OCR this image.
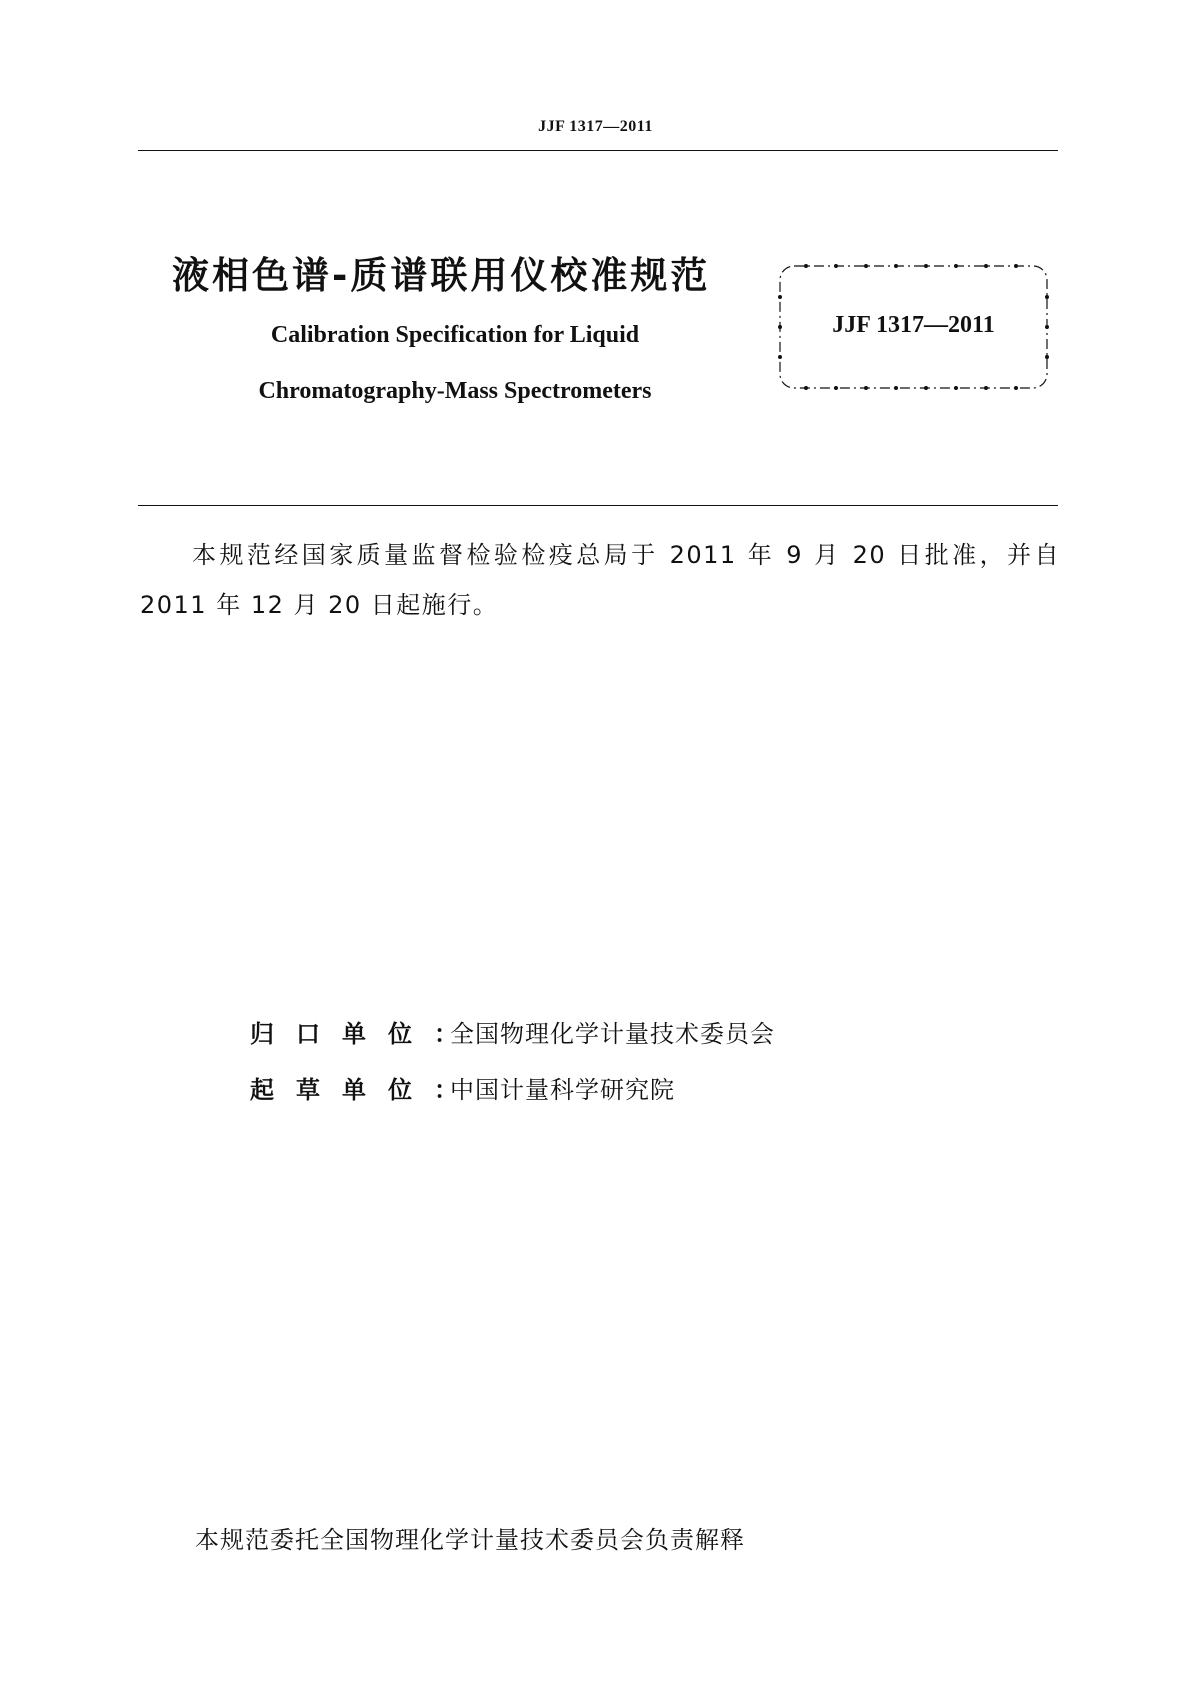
JJF 1317—2011
液相色谱-质谱联用仪校准规范
Calibration Specification for Liquid
Chromatography-Mass Spectrometers
JJF 1317—2011
本规范经国家质量监督检验检疫总局于 2011 年 9 月 20 日批准，并自 2011 年 12 月 20 日起施行。
归口单位：全国物理化学计量技术委员会
起草单位：中国计量科学研究院
本规范委托全国物理化学计量技术委员会负责解释
